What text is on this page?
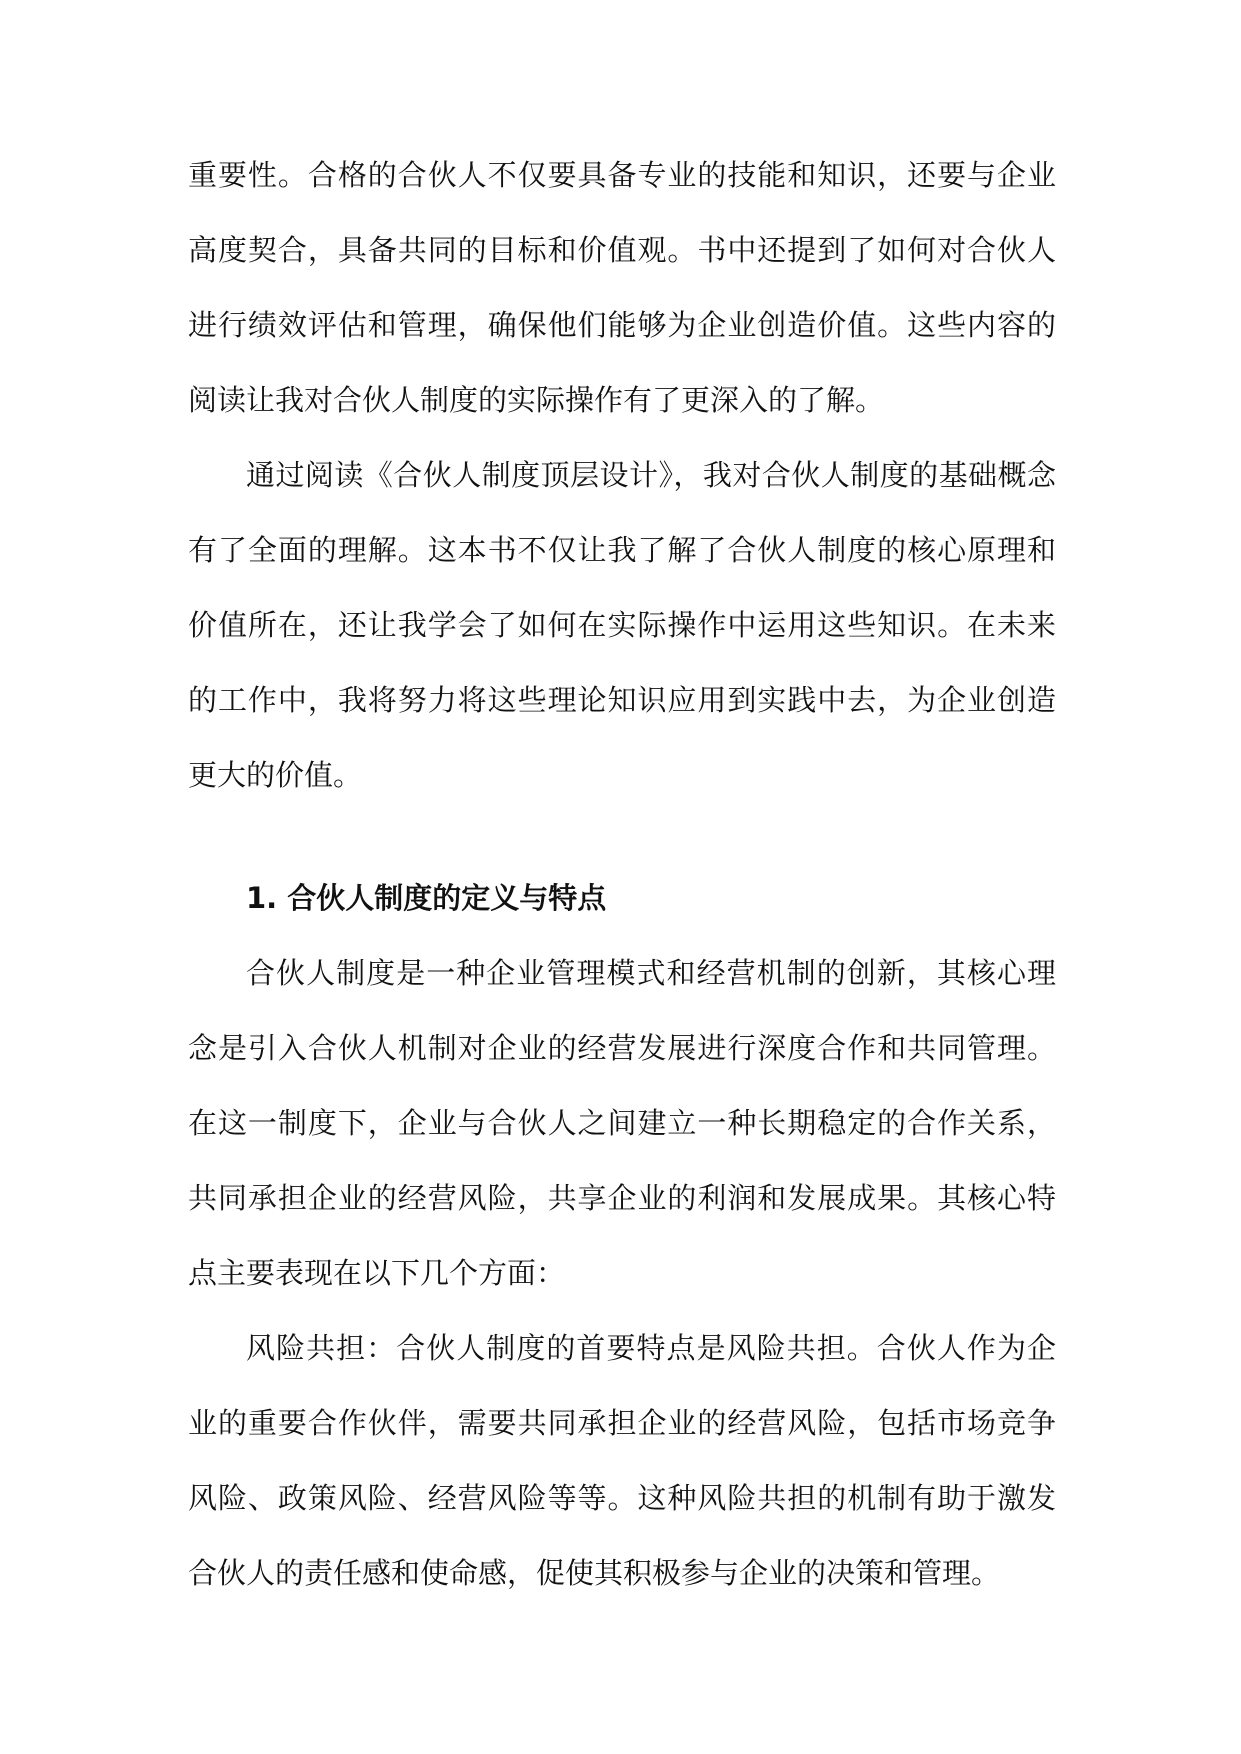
重要性。合格的合伙人不仅要具备专业的技能和知识，还要与企业高度契合，具备共同的目标和价值观。书中还提到了如何对合伙人进行绩效评估和管理，确保他们能够为企业创造价值。这些内容的阅读让我对合伙人制度的实际操作有了更深入的了解。

通过阅读《合伙人制度顶层设计》，我对合伙人制度的基础概念有了全面的理解。这本书不仅让我了解了合伙人制度的核心原理和价值所在，还让我学会了如何在实际操作中运用这些知识。在未来的工作中，我将努力将这些理论知识应用到实践中去，为企业创造更大的价值。

1. 合伙人制度的定义与特点

合伙人制度是一种企业管理模式和经营机制的创新，其核心理念是引入合伙人机制对企业的经营发展进行深度合作和共同管理。在这一制度下，企业与合伙人之间建立一种长期稳定的合作关系，共同承担企业的经营风险，共享企业的利润和发展成果。其核心特点主要表现在以下几个方面：

风险共担：合伙人制度的首要特点是风险共担。合伙人作为企业的重要合作伙伴，需要共同承担企业的经营风险，包括市场竞争风险、政策风险、经营风险等等。这种风险共担的机制有助于激发合伙人的责任感和使命感，促使其积极参与企业的决策和管理。
